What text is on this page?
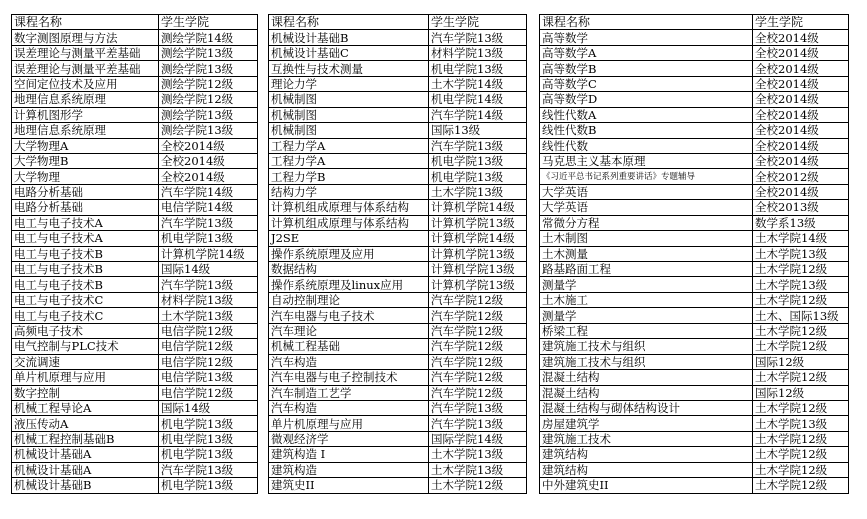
课程名称	学生学院
数字测图原理与方法	测绘学院14级
误差理论与测量平差基础	测绘学院13级
误差理论与测量平差基础	测绘学院13级
空间定位技术及应用	测绘学院12级
地理信息系统原理	测绘学院12级
计算机图形学	测绘学院13级
地理信息系统原理	测绘学院13级
大学物理A	全校2014级
大学物理B	全校2014级
大学物理	全校2014级
电路分析基础	汽车学院14级
电路分析基础	电信学院14级
电工与电子技术A	汽车学院13级
电工与电子技术A	机电学院13级
电工与电子技术B	计算机学院14级
电工与电子技术B	国际14级
电工与电子技术B	汽车学院13级
电工与电子技术C	材料学院13级
电工与电子技术C	土木学院13级
高频电子技术	电信学院12级
电气控制与PLC技术	电信学院12级
交流调速	电信学院12级
单片机原理与应用	电信学院13级
数字控制	电信学院12级
机械工程导论A	国际14级
液压传动A	机电学院13级
机械工程控制基础B	机电学院13级
机械设计基础A	机电学院13级
机械设计基础A	汽车学院13级
机械设计基础B	机电学院13级
课程名称	学生学院
机械设计基础B	汽车学院13级
机械设计基础C	材料学院13级
互换性与技术测量	机电学院13级
理论力学	土木学院14级
机械制图	机电学院14级
机械制图	汽车学院14级
机械制图	国际13级
工程力学A	汽车学院13级
工程力学A	机电学院13级
工程力学B	机电学院13级
结构力学	土木学院13级
计算机组成原理与体系结构	计算机学院14级
计算机组成原理与体系结构	计算机学院13级
J2SE	计算机学院14级
操作系统原理及应用	计算机学院13级
数据结构	计算机学院13级
操作系统原理及linux应用	计算机学院13级
自动控制理论	汽车学院12级
汽车电器与电子技术	汽车学院12级
汽车理论	汽车学院12级
机械工程基础	汽车学院12级
汽车构造	汽车学院12级
汽车电器与电子控制技术	汽车学院12级
汽车制造工艺学	汽车学院12级
汽车构造	汽车学院13级
单片机原理与应用	汽车学院13级
微观经济学	国际学院14级
建筑构造 I	土木学院13级
建筑构造	土木学院13级
建筑史II	土木学院12级
课程名称	学生学院
高等数学	全校2014级
高等数学A	全校2014级
高等数学B	全校2014级
高等数学C	全校2014级
高等数学D	全校2014级
线性代数A	全校2014级
线性代数B	全校2014级
线性代数	全校2014级
马克思主义基本原理	全校2014级
《习近平总书记系列重要讲话》专题辅导	全校2012级
大学英语	全校2014级
大学英语	全校2013级
常微分方程	数学系13级
土木制图	土木学院14级
土木测量	土木学院13级
路基路面工程	土木学院12级
测量学	土木学院13级
土木施工	土木学院12级
测量学	土木、国际13级
桥梁工程	土木学院12级
建筑施工技术与组织	土木学院12级
建筑施工技术与组织	国际12级
混凝土结构	土木学院12级
混凝土结构	国际12级
混凝土结构与砌体结构设计	土木学院12级
房屋建筑学	土木学院13级
建筑施工技术	土木学院12级
建筑结构	土木学院12级
建筑结构	土木学院12级
中外建筑史II	土木学院12级
